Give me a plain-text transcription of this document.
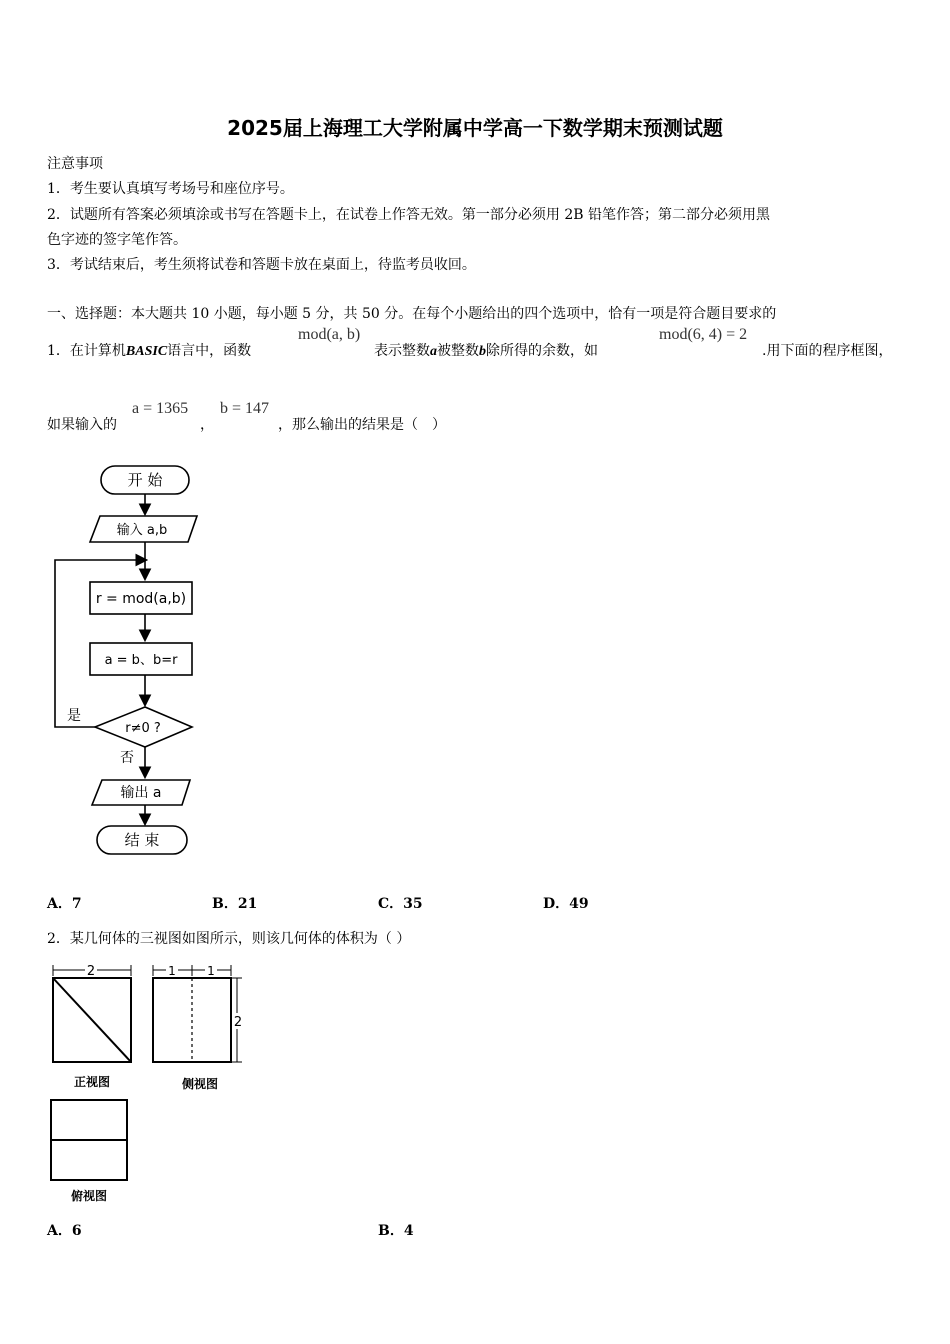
2025届上海理工大学附属中学高一下数学期末预测试题
注意事项
1．考生要认真填写考场号和座位序号。
2．试题所有答案必须填涂或书写在答题卡上，在试卷上作答无效。第一部分必须用 2B 铅笔作答；第二部分必须用黑
色字迹的签字笔作答。
3．考试结束后，考生须将试卷和答题卡放在桌面上，待监考员收回。
一、选择题：本大题共 10 小题，每小题 5 分，共 50 分。在每个小题给出的四个选项中，恰有一项是符合题目要求的
1．在计算机BASIC语言中，函数
mod(a, b)
表示整数a被整数b除所得的余数，如
mod(6, 4) = 2
.用下面的程序框图，
如果输入的
a = 1365
，
b = 147
，那么输出的结果是（　）
开 始
输入 a,b
r = mod(a,b)
a = b、b=r
r≠0 ?
是
否
输出 a
结 束
A．7	B．21	C．35	D．49
2．某几何体的三视图如图所示，则该几何体的体积为（ ）
2	1	1
2
正视图	侧视图
俯视图
A．6	B．4
